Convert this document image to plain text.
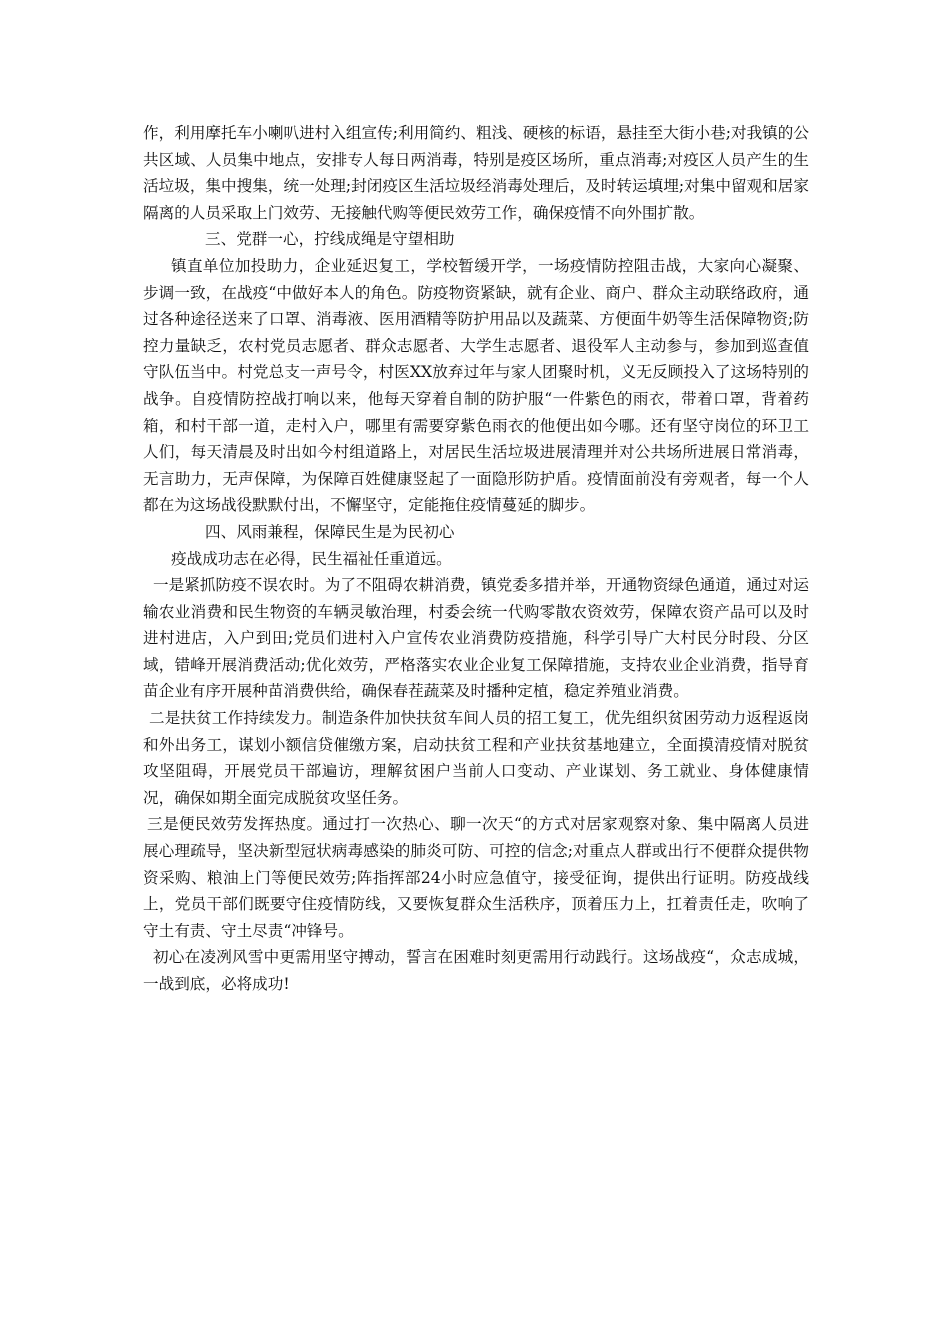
作，利用摩托车小喇叭进村入组宣传;利用简约、粗浅、硬核的标语，悬挂至大街小巷;对我镇的公共区域、人员集中地点，安排专人每日两消毒，特别是疫区场所，重点消毒;对疫区人员产生的生活垃圾，集中搜集，统一处理;封闭疫区生活垃圾经消毒处理后，及时转运填埋;对集中留观和居家隔离的人员采取上门效劳、无接触代购等便民效劳工作，确保疫情不向外围扩散。

三、党群一心，拧线成绳是守望相助

镇直单位加投助力，企业延迟复工，学校暂缓开学，一场疫情防控阻击战，大家向心凝聚、步调一致，在战疫“中做好本人的角色。防疫物资紧缺，就有企业、商户、群众主动联络政府，通过各种途径送来了口罩、消毒液、医用酒精等防护用品以及蔬菜、方便面牛奶等生活保障物资;防控力量缺乏，农村党员志愿者、群众志愿者、大学生志愿者、退役军人主动参与，参加到巡查值守队伍当中。村党总支一声号令，村医XX放弃过年与家人团聚时机，义无反顾投入了这场特别的战争。自疫情防控战打响以来，他每天穿着自制的防护服“一件紫色的雨衣，带着口罩，背着药箱，和村干部一道，走村入户，哪里有需要穿紫色雨衣的他便出如今哪。还有坚守岗位的环卫工人们，每天清晨及时出如今村组道路上，对居民生活垃圾进展清理并对公共场所进展日常消毒，无言助力，无声保障，为保障百姓健康竖起了一面隐形防护盾。疫情面前没有旁观者，每一个人都在为这场战役默默付出，不懈坚守，定能拖住疫情蔓延的脚步。

四、风雨兼程，保障民生是为民初心

疫战成功志在必得，民生福祉任重道远。

一是紧抓防疫不误农时。为了不阻碍农耕消费，镇党委多措并举，开通物资绿色通道，通过对运输农业消费和民生物资的车辆灵敏治理，村委会统一代购零散农资效劳，保障农资产品可以及时进村进店，入户到田;党员们进村入户宣传农业消费防疫措施，科学引导广大村民分时段、分区域，错峰开展消费活动;优化效劳，严格落实农业企业复工保障措施，支持农业企业消费，指导育苗企业有序开展种苗消费供给，确保春茬蔬菜及时播种定植，稳定养殖业消费。

二是扶贫工作持续发力。制造条件加快扶贫车间人员的招工复工，优先组织贫困劳动力返程返岗和外出务工，谋划小额信贷催缴方案，启动扶贫工程和产业扶贫基地建立，全面摸清疫情对脱贫攻坚阻碍，开展党员干部遍访，理解贫困户当前人口变动、产业谋划、务工就业、身体健康情况，确保如期全面完成脱贫攻坚任务。

三是便民效劳发挥热度。通过打一次热心、聊一次天“的方式对居家观察对象、集中隔离人员进展心理疏导，坚决新型冠状病毒感染的肺炎可防、可控的信念;对重点人群或出行不便群众提供物资采购、粮油上门等便民效劳;阵指挥部24小时应急值守，接受征询，提供出行证明。防疫战线上，党员干部们既要守住疫情防线，又要恢复群众生活秩序，顶着压力上，扛着责任走，吹响了守土有责、守土尽责“冲锋号。

初心在凌冽风雪中更需用坚守搏动，誓言在困难时刻更需用行动践行。这场战疫“，众志成城，一战到底，必将成功!
